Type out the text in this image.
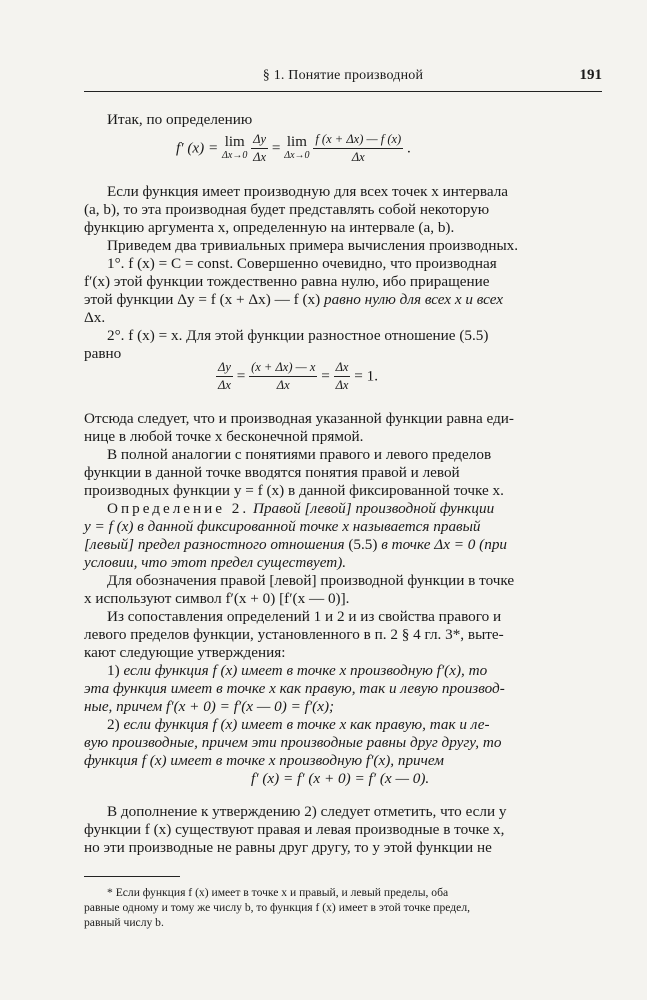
§ 1. Понятие производной	191
Итак, по определению
f′ (x) = lim
Δx→0
$\frac{\Delta y}{\Delta x} = \lim$
Δx→0
$\frac{f (x + \Delta x) — f (x)}{\Delta x}$ .
Если функция имеет производную для всех точек x интервала
(a, b), то эта производная будет представлять собой некоторую
функцию аргумента x, определенную на интервале (a, b).
Приведем два тривиальных примера вычисления производных.
1°. f (x) = C = const. Совершенно очевидно, что производная
f′(x) этой функции тождественно равна нулю, ибо приращение
этой функции Δy = f (x + Δx) — f (x) равно нулю для всех x и всех
Δx.
2°. f (x) = x. Для этой функции разностное отношение (5.5)
равно
$\frac{\Delta y}{\Delta x} = \frac{(x + \Delta x) — x}{\Delta x} = \frac{\Delta x}{\Delta x} = 1$.
Отсюда следует, что и производная указанной функции равна еди-
нице в любой точке x бесконечной прямой.
В полной аналогии с понятиями правого и левого пределов
функции в данной точке вводятся понятия правой и левой
производных функции y = f (x) в данной фиксированной точке x.
Определение 2. Правой [левой] производной функции
y = f (x) в данной фиксированной точке x называется правый
[левый] предел разностного отношения (5.5) в точке Δx = 0 (при
условии, что этот предел существует).
Для обозначения правой [левой] производной функции в точке
x используют символ f′(x + 0) [f′(x — 0)].
Из сопоставления определений 1 и 2 и из свойства правого и
левого пределов функции, установленного в п. 2 § 4 гл. 3*, выте-
кают следующие утверждения:
1) если функция f (x) имеет в точке x производную f′(x), то
эта функция имеет в точке x как правую, так и левую производ-
ные, причем f′(x + 0) = f′(x — 0) = f′(x);
2) если функция f (x) имеет в точке x как правую, так и ле-
вую производные, причем эти производные равны друг другу, то
функция f (x) имеет в точке x производную f′(x), причем
f′ (x) = f′ (x + 0) = f′ (x — 0).
В дополнение к утверждению 2) следует отметить, что если у
функции f (x) существуют правая и левая производные в точке x,
но эти производные не равны друг другу, то у этой функции не
* Если функция f (x) имеет в точке x и правый, и левый пределы, оба
равные одному и тому же числу b, то функция f (x) имеет в этой точке предел,
равный числу b.
